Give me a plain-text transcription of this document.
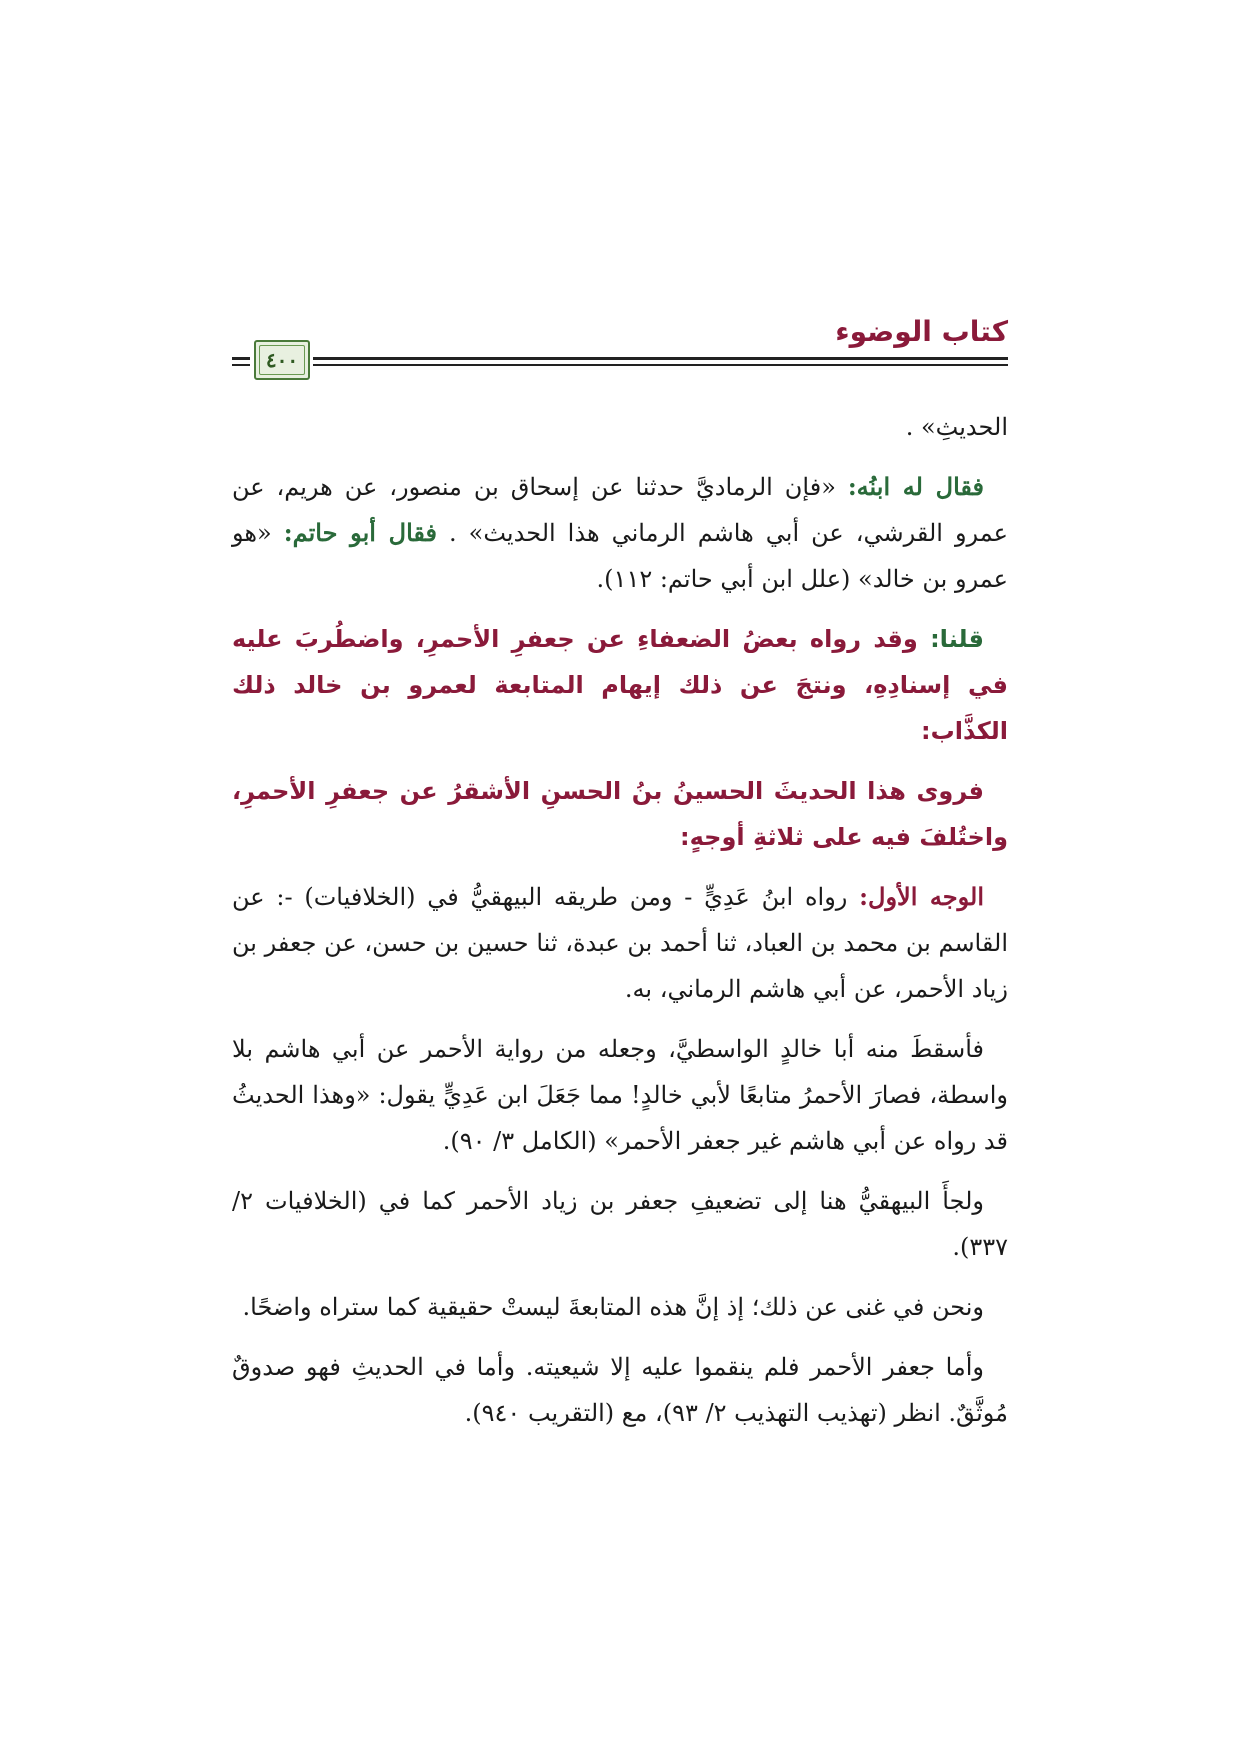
كتاب الوضوء
٤٠٠

الحديثِ» .

فقال له ابنُه: «فإن الرماديَّ حدثنا عن إسحاق بن منصور، عن هريم، عن عمرو القرشي، عن أبي هاشم الرماني هذا الحديث» . فقال أبو حاتم: «هو عمرو بن خالد» (علل ابن أبي حاتم: ١١٢).

قلنا: وقد رواه بعضُ الضعفاءِ عن جعفرِ الأحمرِ، واضطُربَ عليه في إسنادِهِ، ونتجَ عن ذلك إيهام المتابعة لعمرو بن خالد ذلك الكذَّاب:

فروى هذا الحديثَ الحسينُ بنُ الحسنِ الأشقرُ عن جعفرِ الأحمرِ، واختُلفَ فيه على ثلاثةِ أوجهٍ:

الوجه الأول: رواه ابنُ عَدِيٍّ - ومن طريقه البيهقيُّ في (الخلافيات) -: عن القاسم بن محمد بن العباد، ثنا أحمد بن عبدة، ثنا حسين بن حسن، عن جعفر بن زياد الأحمر، عن أبي هاشم الرماني، به.

فأسقطَ منه أبا خالدٍ الواسطيَّ، وجعله من رواية الأحمر عن أبي هاشم بلا واسطة، فصارَ الأحمرُ متابعًا لأبي خالدٍ! مما جَعَلَ ابن عَدِيٍّ يقول: «وهذا الحديثُ قد رواه عن أبي هاشم غير جعفر الأحمر» (الكامل ٣/ ٩٠).

ولجأَ البيهقيُّ هنا إلى تضعيفِ جعفر بن زياد الأحمر كما في (الخلافيات ٢/ ٣٣٧).

ونحن في غنى عن ذلك؛ إذ إنَّ هذه المتابعةَ ليستْ حقيقية كما ستراه واضحًا.

وأما جعفر الأحمر فلم ينقموا عليه إلا شيعيته. وأما في الحديثِ فهو صدوقٌ مُوثَّقٌ. انظر (تهذيب التهذيب ٢/ ٩٣)، مع (التقريب ٩٤٠).
